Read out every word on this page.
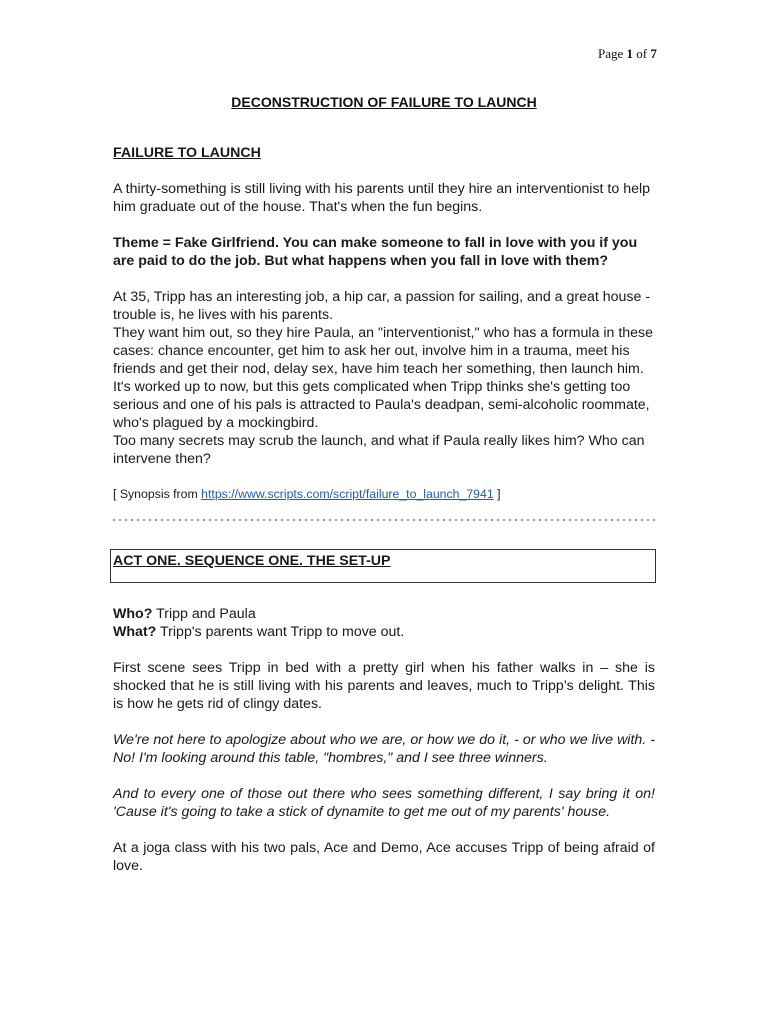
Page 1 of 7
DECONSTRUCTION OF FAILURE TO LAUNCH

FAILURE TO LAUNCH

A thirty-something is still living with his parents until they hire an interventionist to help him graduate out of the house. That's when the fun begins.

Theme = Fake Girlfriend. You can make someone to fall in love with you if you are paid to do the job. But what happens when you fall in love with them?

At 35, Tripp has an interesting job, a hip car, a passion for sailing, and a great house - trouble is, he lives with his parents.

They want him out, so they hire Paula, an "interventionist," who has a formula in these cases: chance encounter, get him to ask her out, involve him in a trauma, meet his friends and get their nod, delay sex, have him teach her something, then launch him.

It's worked up to now, but this gets complicated when Tripp thinks she's getting too serious and one of his pals is attracted to Paula's deadpan, semi-alcoholic roommate, who's plagued by a mockingbird.

Too many secrets may scrub the launch, and what if Paula really likes him? Who can intervene then?

[ Synopsis from https://www.scripts.com/script/failure_to_launch_7941 ]

ACT ONE. SEQUENCE ONE. THE SET-UP

Who? Tripp and Paula

What? Tripp's parents want Tripp to move out.

First scene sees Tripp in bed with a pretty girl when his father walks in – she is shocked that he is still living with his parents and leaves, much to Tripp’s delight. This is how he gets rid of clingy dates.

We're not here to apologize about who we are, or how we do it, - or who we live with. - No! I'm looking around this table, "hombres," and I see three winners.

And to every one of those out there who sees something different, I say bring it on! 'Cause it's going to take a stick of dynamite to get me out of my parents' house.

At a joga class with his two pals, Ace and Demo, Ace accuses Tripp of being afraid of love.
